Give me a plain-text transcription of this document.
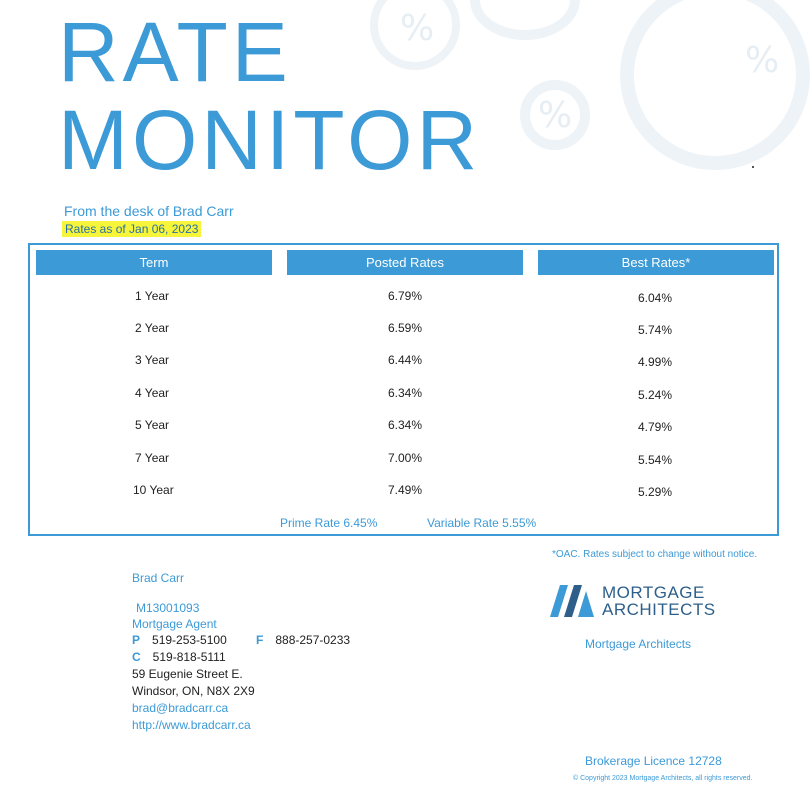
%
%
%
RATE
MONITOR
From the desk of Brad Carr
Rates as of Jan 06, 2023
Term	Posted Rates	Best Rates*
1 Year	6.79%	6.04%
2 Year	6.59%	5.74%
3 Year	6.44%	4.99%
4 Year	6.34%	5.24%
5 Year	6.34%	4.79%
7 Year	7.00%	5.54%
10 Year	7.49%	5.29%
Prime Rate 6.45%	Variable Rate 5.55%
*OAC. Rates subject to change without notice.
Brad Carr
M13001093
Mortgage Agent
P 519-253-5100 F 888-257-0233
C 519-818-5111
59 Eugenie Street E.
Windsor, ON, N8X 2X9
brad@bradcarr.ca
http://www.bradcarr.ca
MORTGAGE
ARCHITECTS
Mortgage Architects
Brokerage Licence 12728
© Copyright 2023 Mortgage Architects, all rights reserved.
